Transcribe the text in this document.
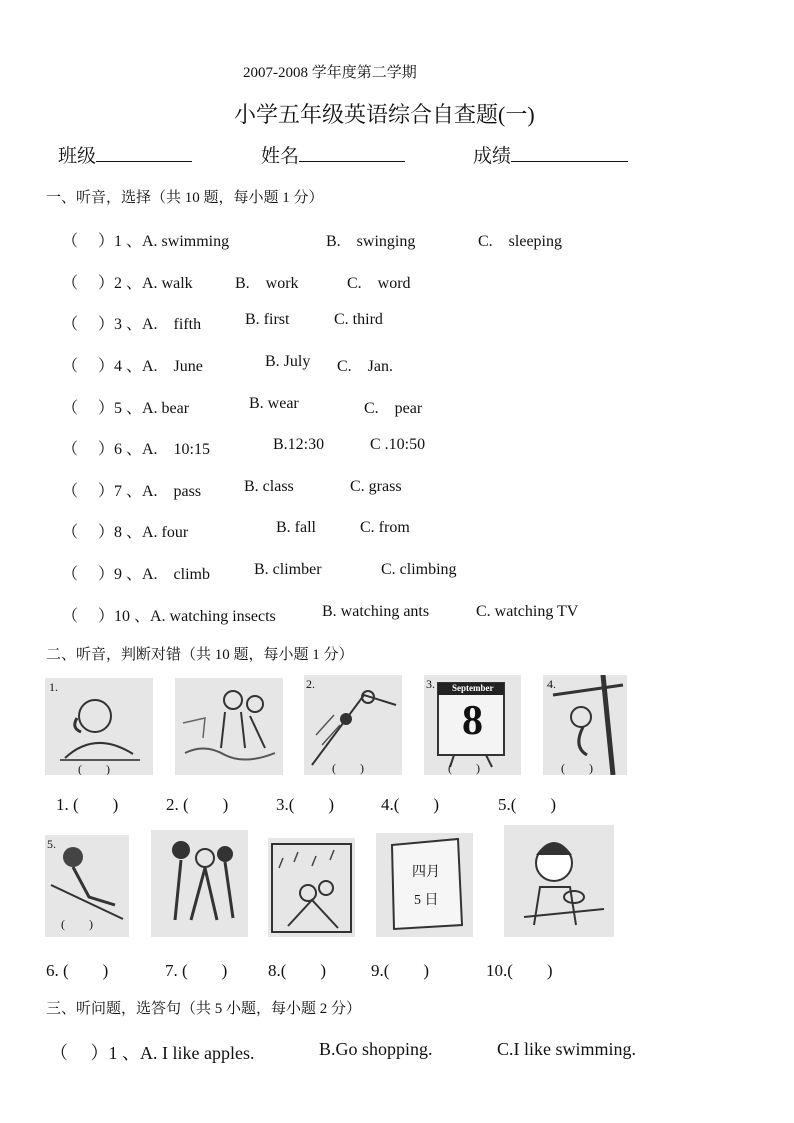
2007-2008 学年度第二学期
小学五年级英语综合自查题(一)
班级	姓名	成绩
一、听音，选择（共 10 题，每小题 1 分）
（　 ）1 、A. swimming	B.　swinging	C.　sleeping
（　 ）2 、A. walk	B.　work	C.　word
（　 ）3 、A.　fifth	B. first	C. third
（　 ）4 、A.　June	B. July C.　Jan.
（　 ）5 、A. bear	B. wear	C.　pear
（　 ）6 、A.　10:15	B.12:30	C .10:50
（　 ）7 、A.　pass	B. class	C. grass
（　 ）8 、A. four	B. fall	C. from
（　 ）9 、A.　climb	B. climber	C. climbing
（　 ）10 、A. watching insects	B. watching ants	C. watching TV
二、听音，判断对错（共 10 题，每小题 1 分）
1.
(　　)
2.
(　　)
September
8
3.
(　　)
4.
(　　)
1. (　　)	2. (　　)	3.(　　)	4.(　　)	5.(　　)
5.
(　　)
四月
5 日
6. (　　)	7. (　　) 8.(　　)	9.(　　)	10.(　　)
三、听问题，选答句（共 5 小题，每小题 2 分）
（　 ）1 、A. I like apples.	B.Go shopping.	C.I like swimming.
